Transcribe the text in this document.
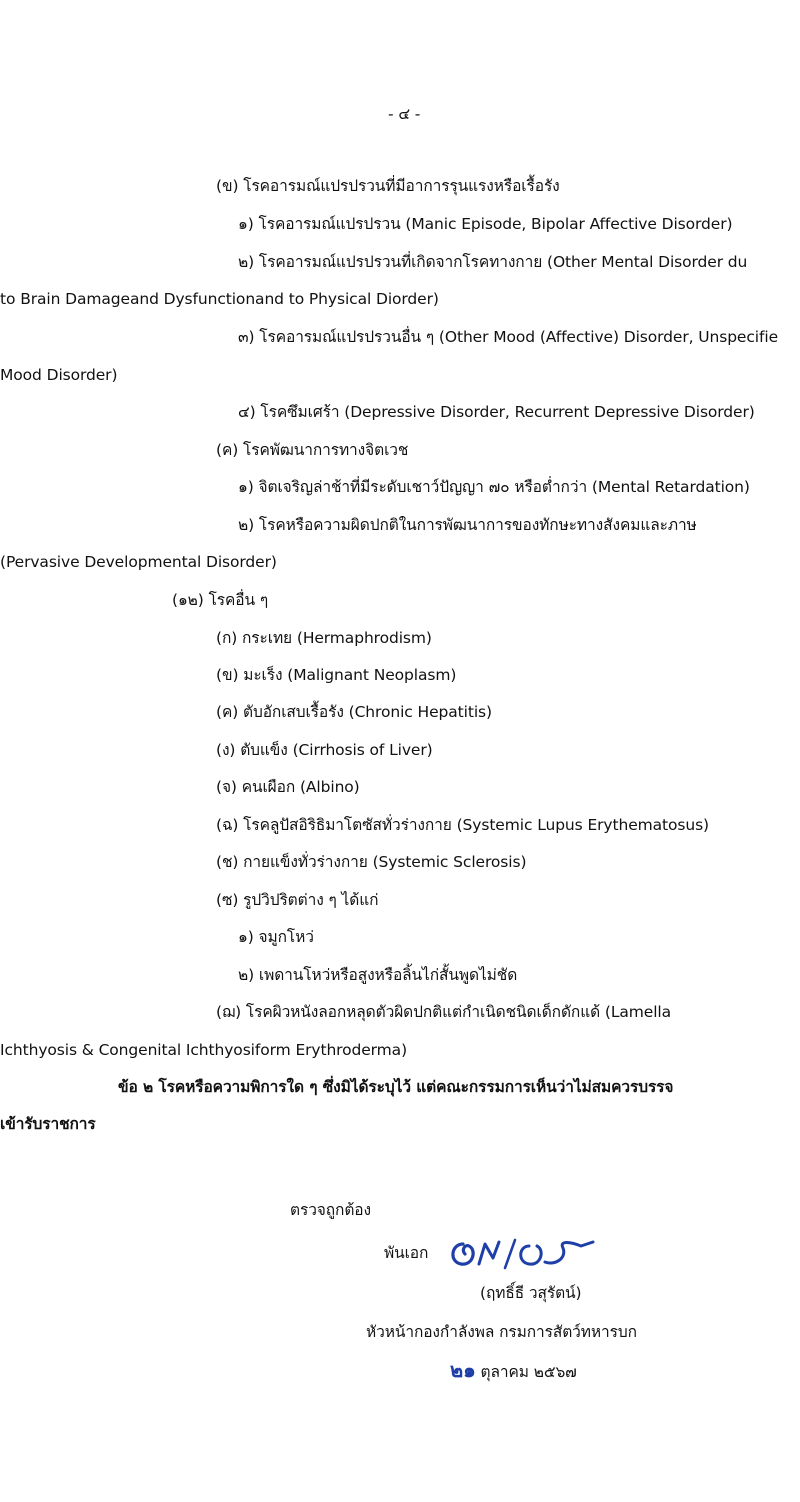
- ๔ -
(ข) โรคอารมณ์แปรปรวนที่มีอาการรุนแรงหรือเรื้อรัง
๑) โรคอารมณ์แปรปรวน (Manic Episode, Bipolar Affective Disorder)
๒) โรคอารมณ์แปรปรวนที่เกิดจากโรคทางกาย (Other Mental Disorder du
to Brain Damageand Dysfunctionand to Physical Diorder)
๓) โรคอารมณ์แปรปรวนอื่น ๆ (Other Mood (Affective) Disorder, Unspecifie
Mood Disorder)
๔) โรคซึมเศร้า (Depressive Disorder, Recurrent Depressive Disorder)
(ค) โรคพัฒนาการทางจิตเวช
๑) จิตเจริญล่าช้าที่มีระดับเชาว์ปัญญา ๗๐ หรือต่ำกว่า (Mental Retardation)
๒) โรคหรือความผิดปกติในการพัฒนาการของทักษะทางสังคมและภาษ
(Pervasive Developmental Disorder)
(๑๒) โรคอื่น ๆ
(ก) กระเทย (Hermaphrodism)
(ข) มะเร็ง (Malignant Neoplasm)
(ค) ตับอักเสบเรื้อรัง (Chronic Hepatitis)
(ง) ตับแข็ง (Cirrhosis of Liver)
(จ) คนเผือก (Albino)
(ฉ) โรคลูปัสอิริธิมาโตซัสทั่วร่างกาย (Systemic Lupus Erythematosus)
(ช) กายแข็งทั่วร่างกาย (Systemic Sclerosis)
(ซ) รูปวิปริตต่าง ๆ ได้แก่
๑) จมูกโหว่
๒) เพดานโหว่หรือสูงหรือลิ้นไก่สั้นพูดไม่ชัด
(ฌ) โรคผิวหนังลอกหลุดตัวผิดปกติแต่กำเนิดชนิดเด็กดักแด้ (Lamella
Ichthyosis & Congenital Ichthyosiform Erythroderma)
ข้อ ๒ โรคหรือความพิการใด ๆ ซึ่งมิได้ระบุไว้ แต่คณะกรรมการเห็นว่าไม่สมควรบรรจ
เข้ารับราชการ
ตรวจถูกต้อง
พันเอก
(ฤทธิ์ธี วสุรัตน์)
หัวหน้ากองกำลังพล กรมการสัตว์ทหารบก
๒๑ ตุลาคม ๒๕๖๗
